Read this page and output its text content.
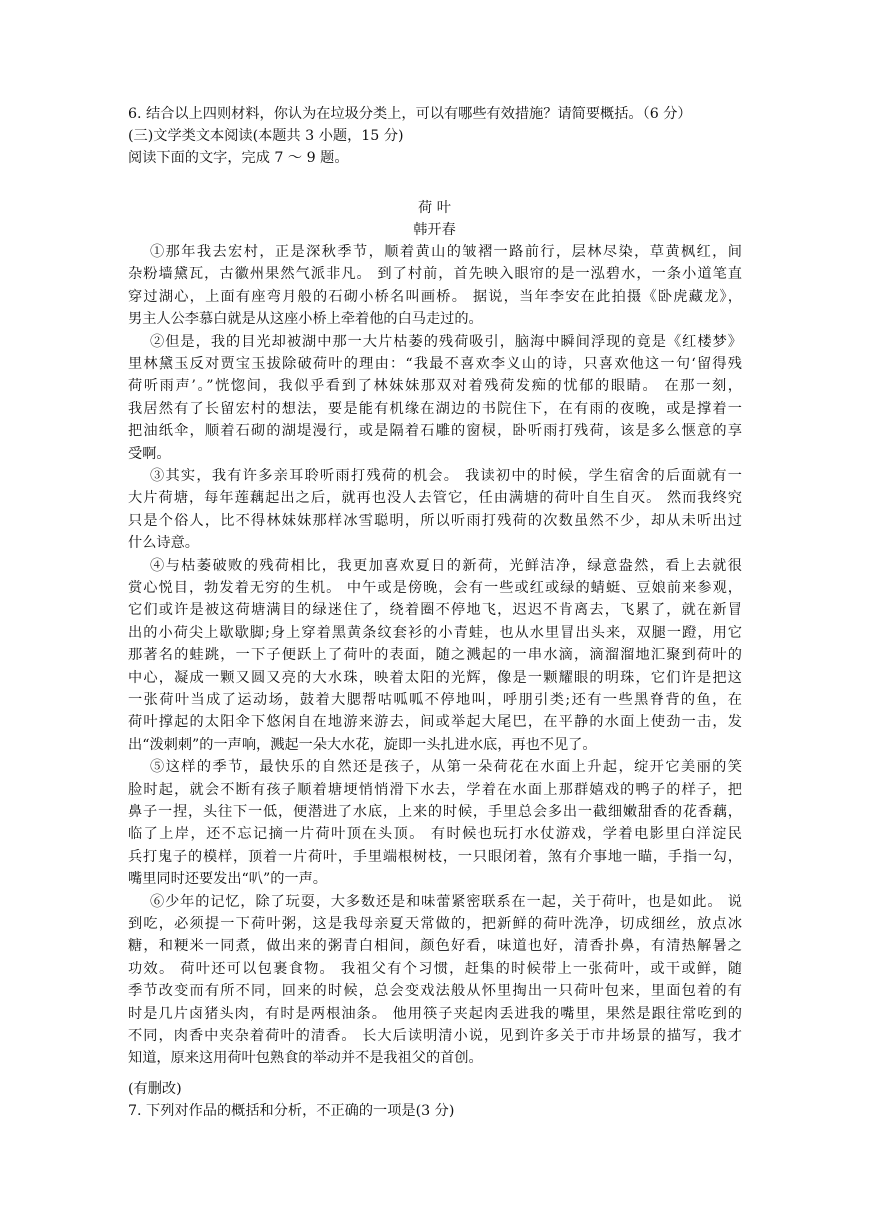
6. 结合以上四则材料，你认为在垃圾分类上，可以有哪些有效措施？请简要概括。（6 分）
(三)文学类文本阅读(本题共 3 小题，15 分)
阅读下面的文字，完成 7 ～ 9 题。
荷 叶
韩开春
①那年我去宏村，正是深秋季节，顺着黄山的皱褶一路前行，层林尽染，草黄枫红，间
杂粉墙黛瓦，古徽州果然气派非凡。 到了村前，首先映入眼帘的是一泓碧水，一条小道笔直
穿过湖心，上面有座弯月般的石砌小桥名叫画桥。 据说，当年李安在此拍摄《卧虎藏龙》，
男主人公李慕白就是从这座小桥上牵着他的白马走过的。
②但是，我的目光却被湖中那一大片枯萎的残荷吸引，脑海中瞬间浮现的竟是《红楼梦》
里林黛玉反对贾宝玉拔除破荷叶的理由：“我最不喜欢李义山的诗，只喜欢他这一句‘留得残
荷听雨声’。”恍惚间，我似乎看到了林妹妹那双对着残荷发痴的忧郁的眼睛。 在那一刻，
我居然有了长留宏村的想法，要是能有机缘在湖边的书院住下，在有雨的夜晚，或是撑着一
把油纸伞，顺着石砌的湖堤漫行，或是隔着石雕的窗棂，卧听雨打残荷，该是多么惬意的享
受啊。
③其实，我有许多亲耳聆听雨打残荷的机会。 我读初中的时候，学生宿舍的后面就有一
大片荷塘，每年莲藕起出之后，就再也没人去管它，任由满塘的荷叶自生自灭。 然而我终究
只是个俗人，比不得林妹妹那样冰雪聪明，所以听雨打残荷的次数虽然不少，却从未听出过
什么诗意。
④与枯萎破败的残荷相比，我更加喜欢夏日的新荷，光鲜洁净，绿意盎然，看上去就很
赏心悦目，勃发着无穷的生机。 中午或是傍晚，会有一些或红或绿的蜻蜓、豆娘前来参观，
它们或许是被这荷塘满目的绿迷住了，绕着圈不停地飞，迟迟不肯离去，飞累了，就在新冒
出的小荷尖上歇歇脚;身上穿着黑黄条纹套衫的小青蛙，也从水里冒出头来，双腿一蹬，用它
那著名的蛙跳，一下子便跃上了荷叶的表面，随之溅起的一串水滴，滴溜溜地汇聚到荷叶的
中心，凝成一颗又圆又亮的大水珠，映着太阳的光辉，像是一颗耀眼的明珠，它们许是把这
一张荷叶当成了运动场，鼓着大腮帮咕呱呱不停地叫，呼朋引类;还有一些黑脊背的鱼，在
荷叶撑起的太阳伞下悠闲自在地游来游去，间或举起大尾巴，在平静的水面上使劲一击，发
出“泼刺刺”的一声响，溅起一朵大水花，旋即一头扎进水底，再也不见了。
⑤这样的季节，最快乐的自然还是孩子，从第一朵荷花在水面上升起，绽开它美丽的笑
脸时起，就会不断有孩子顺着塘埂悄悄滑下水去，学着在水面上那群嬉戏的鸭子的样子，把
鼻子一捏，头往下一低，便潜进了水底，上来的时候，手里总会多出一截细嫩甜香的花香藕，
临了上岸，还不忘记摘一片荷叶顶在头顶。 有时候也玩打水仗游戏，学着电影里白洋淀民
兵打鬼子的模样，顶着一片荷叶，手里端根树枝，一只眼闭着，煞有介事地一瞄，手指一勾，
嘴里同时还要发出“叭”的一声。
⑥少年的记忆，除了玩耍，大多数还是和味蕾紧密联系在一起，关于荷叶，也是如此。 说
到吃，必须提一下荷叶粥，这是我母亲夏天常做的，把新鲜的荷叶洗净，切成细丝，放点冰
糖，和粳米一同煮，做出来的粥青白相间，颜色好看，味道也好，清香扑鼻，有清热解暑之
功效。 荷叶还可以包裹食物。 我祖父有个习惯，赶集的时候带上一张荷叶，或干或鲜，随
季节改变而有所不同，回来的时候，总会变戏法般从怀里掏出一只荷叶包来，里面包着的有
时是几片卤猪头肉，有时是两根油条。 他用筷子夹起肉丢进我的嘴里，果然是跟往常吃到的
不同，肉香中夹杂着荷叶的清香。 长大后读明清小说，见到许多关于市井场景的描写，我才
知道，原来这用荷叶包熟食的举动并不是我祖父的首创。
(有删改)
7. 下列对作品的概括和分析，不正确的一项是(3 分)
